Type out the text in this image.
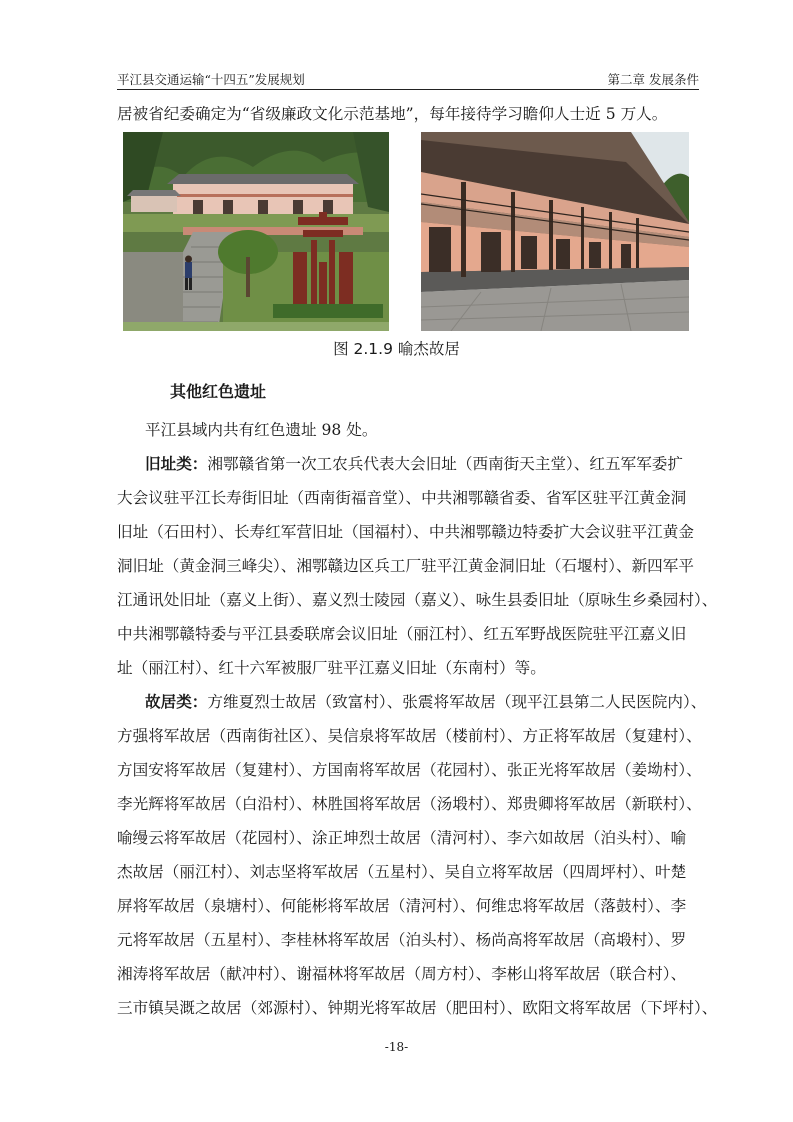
平江县交通运输“十四五”发展规划	第二章 发展条件
居被省纪委确定为“省级廉政文化示范基地”，每年接待学习瞻仰人士近 5 万人。
图 2.1.9 喻杰故居
其他红色遗址
平江县域内共有红色遗址 98 处。
旧址类：湘鄂赣省第一次工农兵代表大会旧址（西南街天主堂）、红五军军委扩
大会议驻平江长寿街旧址（西南街福音堂）、中共湘鄂赣省委、省军区驻平江黄金洞
旧址（石田村）、长寿红军营旧址（国福村）、中共湘鄂赣边特委扩大会议驻平江黄金
洞旧址（黄金洞三峰尖）、湘鄂赣边区兵工厂驻平江黄金洞旧址（石堰村）、新四军平
江通讯处旧址（嘉义上街）、嘉义烈士陵园（嘉义）、咏生县委旧址（原咏生乡桑园村）、
中共湘鄂赣特委与平江县委联席会议旧址（丽江村）、红五军野战医院驻平江嘉义旧
址（丽江村）、红十六军被服厂驻平江嘉义旧址（东南村）等。
故居类：方维夏烈士故居（致富村）、张震将军故居（现平江县第二人民医院内）、
方强将军故居（西南街社区）、吴信泉将军故居（楼前村）、方正将军故居（复建村）、
方国安将军故居（复建村）、方国南将军故居（花园村）、张正光将军故居（姜坳村）、
李光辉将军故居（白沿村）、林胜国将军故居（汤塅村）、郑贵卿将军故居（新联村）、
喻缦云将军故居（花园村）、涂正坤烈士故居（清河村）、李六如故居（泊头村）、喻
杰故居（丽江村）、刘志坚将军故居（五星村）、吴自立将军故居（四周坪村）、叶楚
屏将军故居（泉塘村）、何能彬将军故居（清河村）、何维忠将军故居（落鼓村）、李
元将军故居（五星村）、李桂林将军故居（泊头村）、杨尚高将军故居（高塅村）、罗
湘涛将军故居（献冲村）、谢福林将军故居（周方村）、李彬山将军故居（联合村）、
三市镇吴溉之故居（郊源村）、钟期光将军故居（肥田村）、欧阳文将军故居（下坪村）、
-18-
